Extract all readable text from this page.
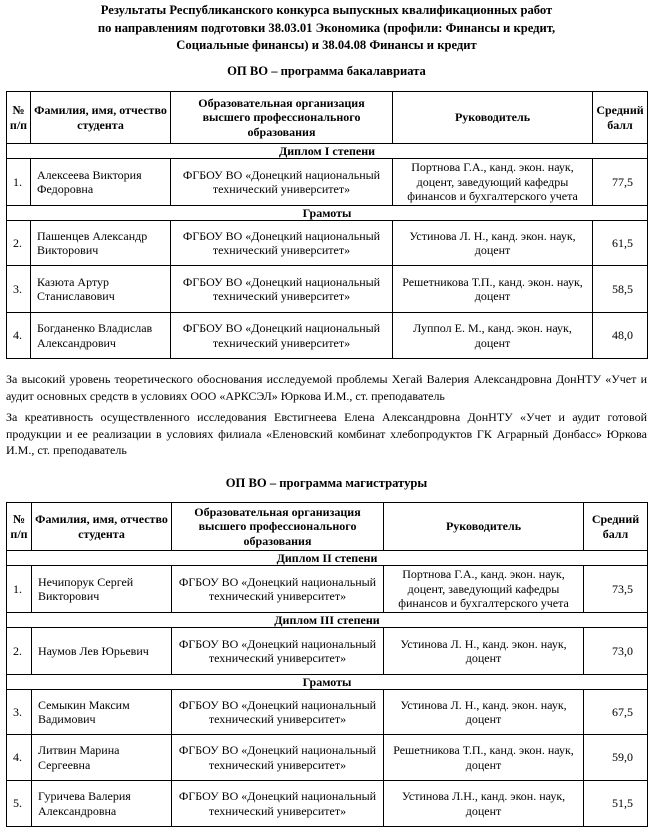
Результаты Республиканского конкурса выпускных квалификационных работ
по направлениям подготовки 38.03.01 Экономика (профили: Финансы и кредит,
Социальные финансы) и 38.04.08 Финансы и кредит
ОП ВО – программа бакалавриата
№ п/п	Фамилия, имя, отчество студента	Образовательная организация высшего профессионального образования	Руководитель	Средний балл
Диплом I степени				
1.	Алексеева Виктория Федоровна	ФГБОУ ВО «Донецкий национальный технический университет»	Портнова Г.А., канд. экон. наук, доцент, заведующий кафедры финансов и бухгалтерского учета	77,5
Грамоты				
2.	Пашенцев Александр Викторович	ФГБОУ ВО «Донецкий национальный технический университет»	Устинова Л. Н., канд. экон. наук, доцент	61,5
3.	Казюта Артур Станиславович	ФГБОУ ВО «Донецкий национальный технический университет»	Решетникова Т.П., канд. экон. наук, доцент	58,5
4.	Богданенко Владислав Александрович	ФГБОУ ВО «Донецкий национальный технический университет»	Луппол Е. М., канд. экон. наук, доцент	48,0

За высокий уровень теоретического обоснования исследуемой проблемы Хегай Валерия Александровна ДонНТУ «Учет и аудит основных средств в условиях ООО «АРКСЭЛ» Юркова И.М., ст. преподаватель

За креативность осуществленного исследования Евстигнеева Елена Александровна ДонНТУ «Учет и аудит готовой продукции и ее реализации в условиях филиала «Еленовский комбинат хлебопродуктов ГК Аграрный Донбасс» Юркова И.М., ст. преподаватель

ОП ВО – программа магистратуры
№ п/п	Фамилия, имя, отчество студента	Образовательная организация высшего профессионального образования	Руководитель	Средний балл
Диплом II степени				
1.	Нечипорук Сергей Викторович	ФГБОУ ВО «Донецкий национальный технический университет»	Портнова Г.А., канд. экон. наук, доцент, заведующий кафедры финансов и бухгалтерского учета	73,5
Диплом III степени				
2.	Наумов Лев Юрьевич	ФГБОУ ВО «Донецкий национальный технический университет»	Устинова Л. Н., канд. экон. наук, доцент	73,0
Грамоты				
3.	Семыкин Максим Вадимович	ФГБОУ ВО «Донецкий национальный технический университет»	Устинова Л. Н., канд. экон. наук, доцент	67,5
4.	Литвин Марина Сергеевна	ФГБОУ ВО «Донецкий национальный технический университет»	Решетникова Т.П., канд. экон. наук, доцент	59,0
5.	Гуричева Валерия Александровна	ФГБОУ ВО «Донецкий национальный технический университет»	Устинова Л.Н., канд. экон. наук, доцент	51,5
